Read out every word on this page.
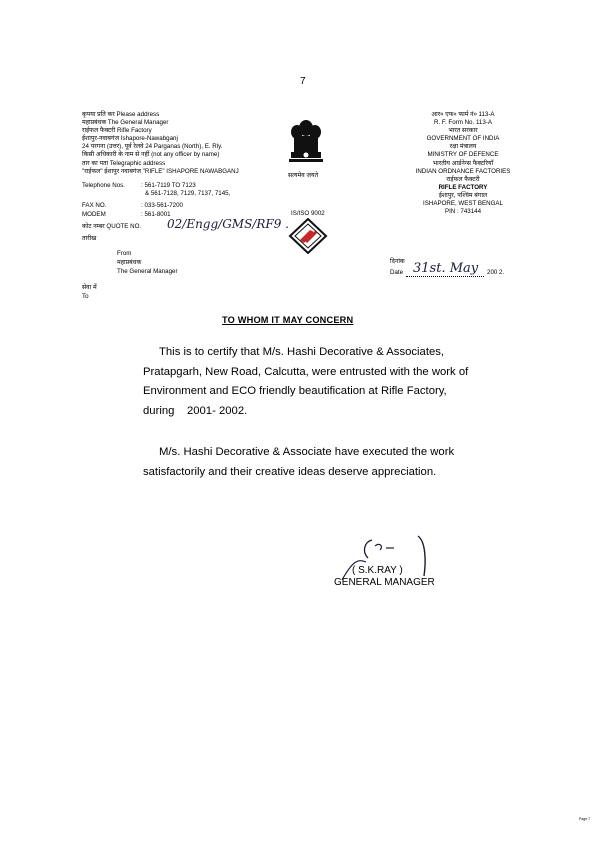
7
कृपया प्रति कर Please address
महाप्रबंधक The General Manager
राईफल फैक्टरी Rifle Factory
ईशापुर-नवाबगंज Ishapore-Nawabganj
24 परगना (उत्तर), पूर्व रेलवे 24 Parganas (North), E. Rly.
किसी अधिकारी के नाम से नहीं (not any officer by name)
तार का पता Telegraphic address
"राईफल" ईशापुर नवाबगंज "RIFLE" ISHAPORE NAWABGANJ
Telephone Nos.	: 561-7119 TO 7123
& 561-7128, 7129, 7137, 7145,
FAX NO.	: 033-561-7200
MODEM	: 561-8001
कोट नम्बर QUOTE NO. 02/Engg/GMS/RF9 .
तारीख
From
महाप्रबंधक
The General Manager
सेवा में
To
सत्यमेव जयते
IS/ISO 9002
आर० एफ० फार्म नं० 113-A
R. F. Form No. 113-A
भारत सरकार
GOVERNMENT OF INDIA
रक्षा मंत्रालय
MINISTRY OF DEFENCE
भारतीय आर्डनेन्स फैक्टरियाँ
INDIAN ORDNANCE FACTORIES
राईफल फैक्टरी
RIFLE FACTORY
ईशापुर, पश्चिम बंगाल
ISHAPORE, WEST BENGAL
PIN : 743144
दिनांक
Date 31st. May 200 2.
TO WHOM IT MAY CONCERN
This is to certify that M/s. Hashi Decorative & Associates,
Pratapgarh, New Road, Calcutta, were entrusted with the work of
Environment and ECO friendly beautification at Rifle Factory,
during    2001- 2002.
M/s. Hashi Decorative & Associate have executed the work
satisfactorily and their creative ideas deserve appreciation.
( S.K.RAY )
GENERAL MANAGER
Page 7
